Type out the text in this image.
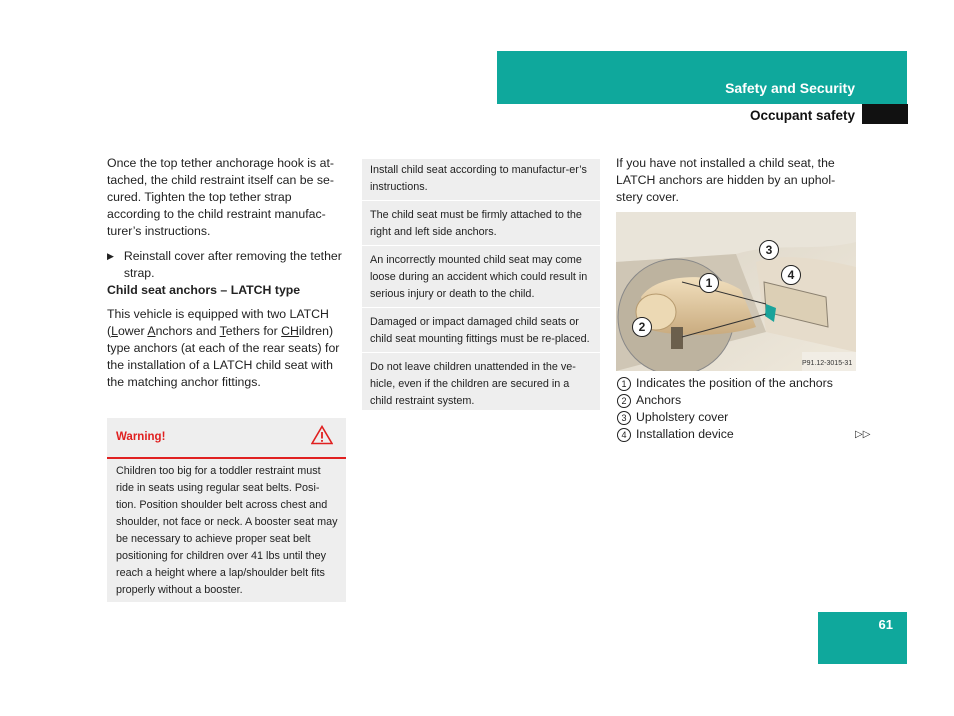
Safety and Security
Occupant safety

Once the top tether anchorage hook is at-tached, the child restraint itself can be se-cured. Tighten the top tether strap according to the child restraint manufac-turer’s instructions.

▶ Reinstall cover after removing the tether strap.

Child seat anchors – LATCH type

This vehicle is equipped with two LATCH (Lower Anchors and Tethers for CHildren) type anchors (at each of the rear seats) for the installation of a LATCH child seat with the matching anchor fittings.

Warning!
Children too big for a toddler restraint must ride in seats using regular seat belts. Posi-tion. Position shoulder belt across chest and shoulder, not face or neck. A booster seat may be necessary to achieve proper seat belt positioning for children over 41 lbs until they reach a height where a lap/shoulder belt fits properly without a booster.
Install child seat according to manufactur-er’s instructions.
The child seat must be firmly attached to the right and left side anchors.
An incorrectly mounted child seat may come loose during an accident which could result in serious injury or death to the child.
Damaged or impact damaged child seats or child seat mounting fittings must be re-placed.
Do not leave children unattended in the ve-hicle, even if the children are secured in a child restraint system.

If you have not installed a child seat, the LATCH anchors are hidden by an uphol-stery cover.

P91.12-3015-31
1
2
3
4
1 Indicates the position of the anchors
2 Anchors
3 Upholstery cover
4 Installation device	▷▷
61
